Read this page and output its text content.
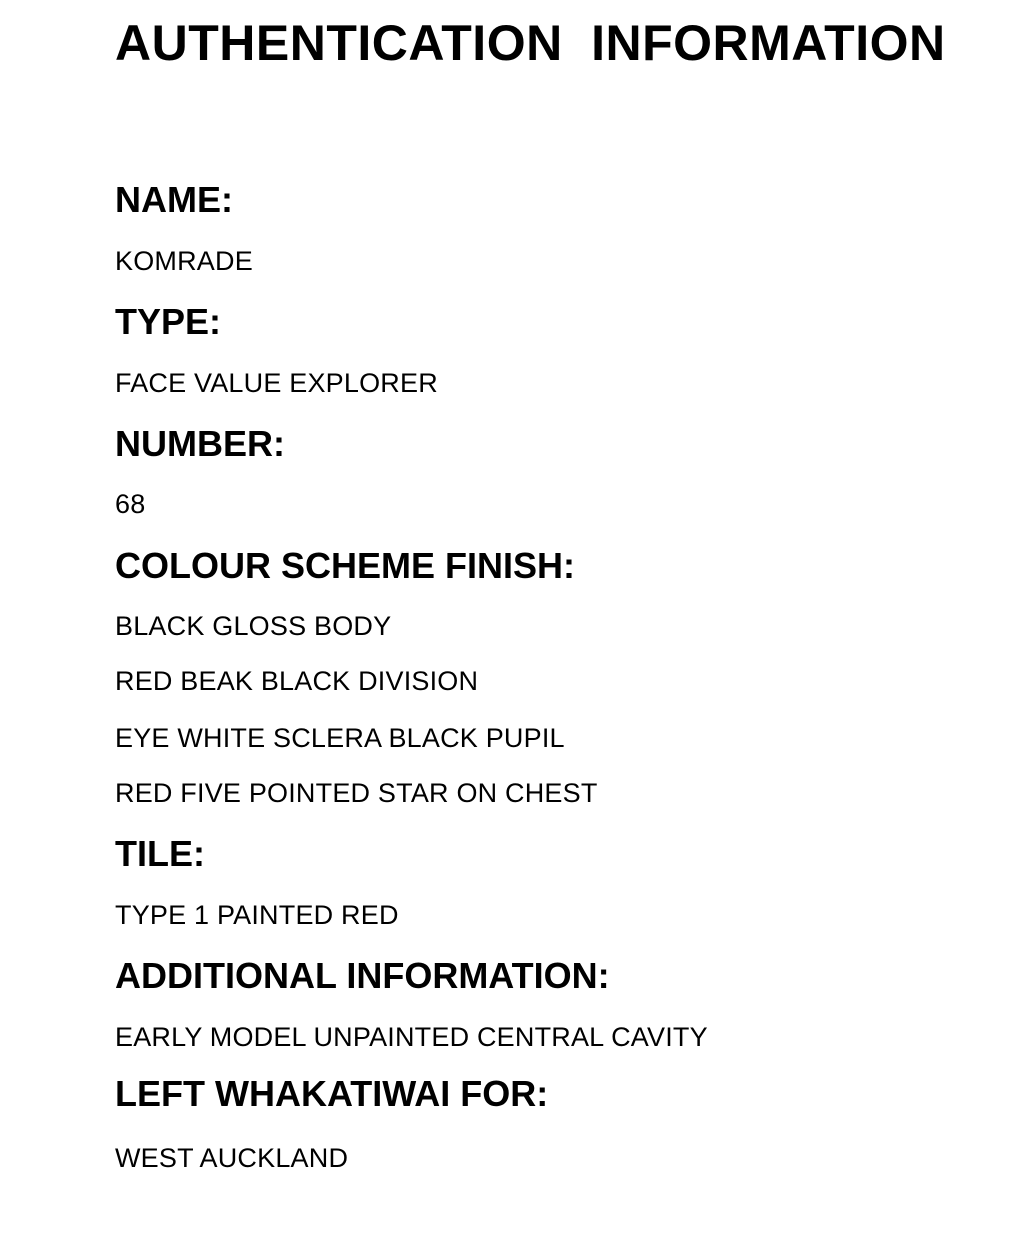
AUTHENTICATION INFORMATION
NAME:
KOMRADE
TYPE:
FACE VALUE EXPLORER
NUMBER:
68
COLOUR SCHEME FINISH:
BLACK GLOSS BODY
RED BEAK BLACK DIVISION
EYE WHITE SCLERA BLACK PUPIL
RED FIVE POINTED STAR ON CHEST
TILE:
TYPE 1 PAINTED RED
ADDITIONAL INFORMATION:
EARLY MODEL UNPAINTED CENTRAL CAVITY
LEFT WHAKATIWAI FOR:
WEST AUCKLAND
